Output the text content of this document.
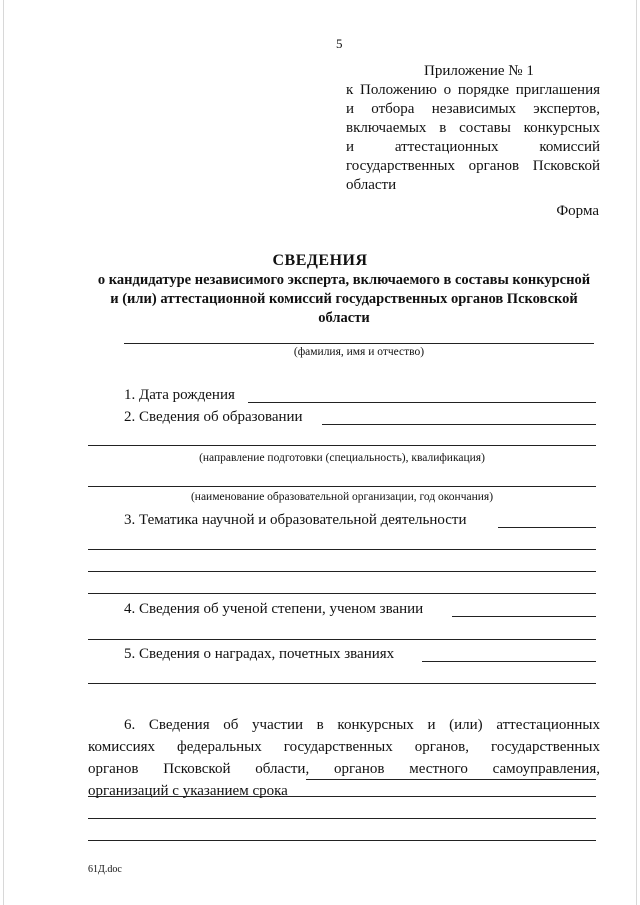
5
Приложение № 1
к Положению о порядке приглашения
и отбора независимых экспертов,
включаемых в составы конкурсных
и аттестационных комиссий
государственных органов Псковской
области
Форма
СВЕДЕНИЯ
о кандидатуре независимого эксперта, включаемого в составы конкурсной
и (или) аттестационной комиссий государственных органов Псковской
области
(фамилия, имя и отчество)
1. Дата рождения
2. Сведения об образовании
(направление подготовки (специальность), квалификация)
(наименование образовательной организации, год окончания)
3. Тематика научной и образовательной деятельности
4. Сведения об ученой степени, ученом звании
5. Сведения о наградах, почетных званиях
6. Сведения об участии в конкурсных и (или) аттестационных
комиссиях федеральных государственных органов, государственных
органов Псковской области, органов местного самоуправления,
организаций с указанием срока
61Д.doc
